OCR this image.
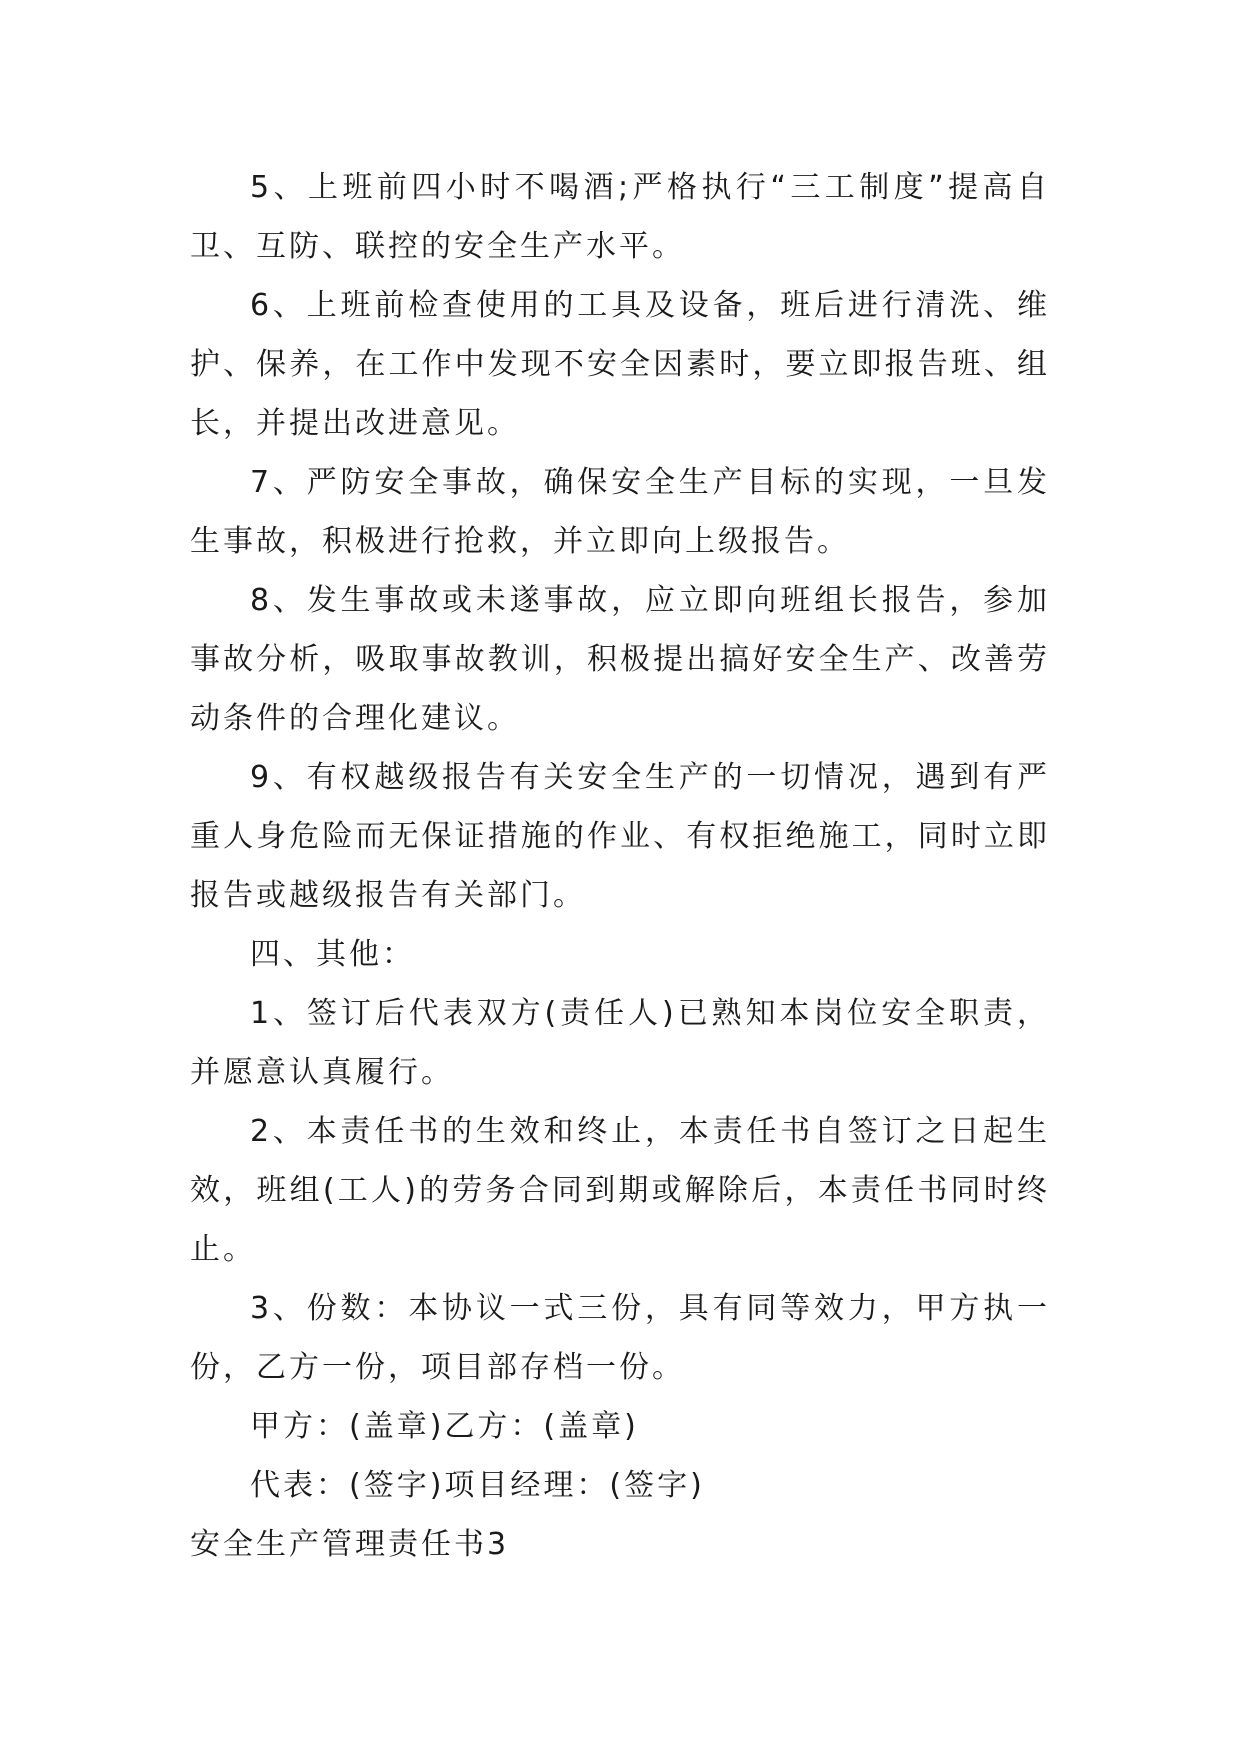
5、上班前四小时不喝酒;严格执行“三工制度”提高自卫、互防、联控的安全生产水平。

6、上班前检查使用的工具及设备，班后进行清洗、维护、保养，在工作中发现不安全因素时，要立即报告班、组长，并提出改进意见。

7、严防安全事故，确保安全生产目标的实现，一旦发生事故，积极进行抢救，并立即向上级报告。

8、发生事故或未遂事故，应立即向班组长报告，参加事故分析，吸取事故教训，积极提出搞好安全生产、改善劳动条件的合理化建议。

9、有权越级报告有关安全生产的一切情况，遇到有严重人身危险而无保证措施的作业、有权拒绝施工，同时立即报告或越级报告有关部门。

四、其他：

1、签订后代表双方(责任人)已熟知本岗位安全职责，并愿意认真履行。

2、本责任书的生效和终止，本责任书自签订之日起生效，班组(工人)的劳务合同到期或解除后，本责任书同时终止。

3、份数：本协议一式三份，具有同等效力，甲方执一份，乙方一份，项目部存档一份。

甲方：(盖章)乙方：(盖章)

代表：(签字)项目经理：(签字)

安全生产管理责任书3
